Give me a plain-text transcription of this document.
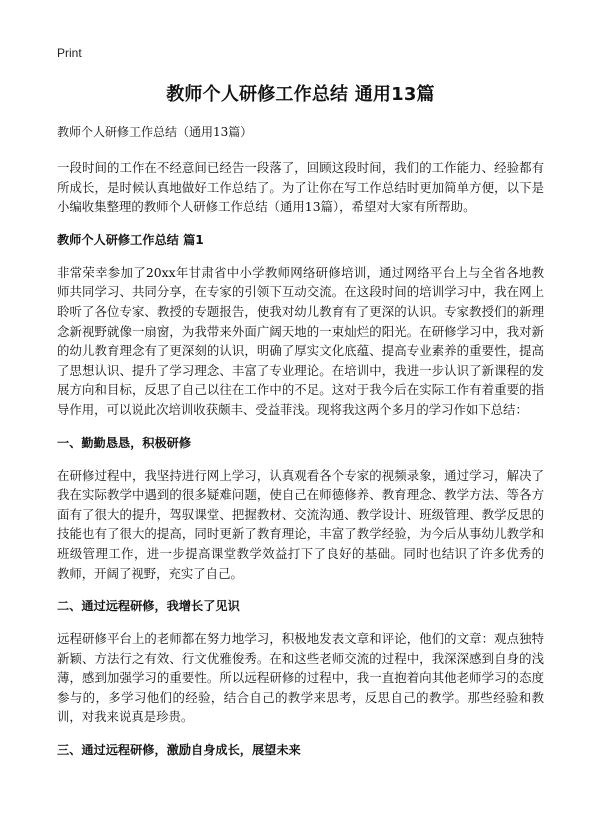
Print
教师个人研修工作总结 通用13篇
教师个人研修工作总结（通用13篇）

一段时间的工作在不经意间已经告一段落了，回顾这段时间，我们的工作能力、经验都有所成长，是时候认真地做好工作总结了。为了让你在写工作总结时更加简单方便，以下是小编收集整理的教师个人研修工作总结（通用13篇），希望对大家有所帮助。

教师个人研修工作总结 篇1

非常荣幸参加了20xx年甘肃省中小学教师网络研修培训，通过网络平台上与全省各地教师共同学习、共同分享，在专家的引领下互动交流。在这段时间的培训学习中，我在网上聆听了各位专家、教授的专题报告，使我对幼儿教育有了更深的认识。专家教授们的新理念新视野就像一扇窗，为我带来外面广阔天地的一束灿烂的阳光。在研修学习中，我对新的幼儿教育理念有了更深刻的认识，明确了厚实文化底蕴、提高专业素养的重要性，提高了思想认识、提升了学习理念、丰富了专业理论。在培训中，我进一步认识了新课程的发展方向和目标，反思了自己以往在工作中的不足。这对于我今后在实际工作有着重要的指导作用，可以说此次培训收获颇丰、受益菲浅。现将我这两个多月的学习作如下总结：

一、勤勤恳恳，积极研修

在研修过程中，我坚持进行网上学习，认真观看各个专家的视频录象，通过学习，解决了我在实际教学中遇到的很多疑难问题，使自己在师德修养、教育理念、教学方法、等各方面有了很大的提升，驾驭课堂、把握教材、交流沟通、教学设计、班级管理、教学反思的技能也有了很大的提高，同时更新了教育理论，丰富了教学经验，为今后从事幼儿教学和班级管理工作，进一步提高课堂教学效益打下了良好的基础。同时也结识了许多优秀的 教师，开阔了视野，充实了自己。

二、通过远程研修，我增长了见识

远程研修平台上的老师都在努力地学习，积极地发表文章和评论，他们的文章：观点独特新颖、方法行之有效、行文优雅俊秀。在和这些老师交流的过程中，我深深感到自身的浅薄，感到加强学习的重要性。所以远程研修的过程中，我一直抱着向其他老师学习的态度参与的，多学习他们的经验，结合自己的教学来思考，反思自己的教学。那些经验和教训，对我来说真是珍贵。

三、通过远程研修，激励自身成长，展望未来
